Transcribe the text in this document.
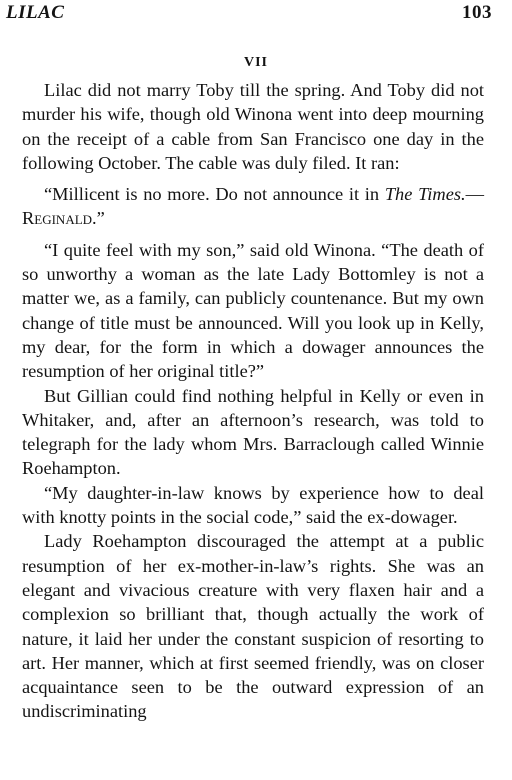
LILAC	103
VII

Lilac did not marry Toby till the spring. And Toby did not murder his wife, though old Winona went into deep mourning on the receipt of a cable from San Francisco one day in the following October. The cable was duly filed. It ran:

“Millicent is no more. Do not announce it in The Times.—Reginald.”

“I quite feel with my son,” said old Winona. “The death of so unworthy a woman as the late Lady Bottomley is not a matter we, as a family, can publicly countenance. But my own change of title must be announced. Will you look up in Kelly, my dear, for the form in which a dowager announces the resumption of her original title?”

But Gillian could find nothing helpful in Kelly or even in Whitaker, and, after an afternoon’s research, was told to telegraph for the lady whom Mrs. Barraclough called Winnie Roehampton.

“My daughter-in-law knows by experience how to deal with knotty points in the social code,” said the ex-dowager.

Lady Roehampton discouraged the attempt at a public resumption of her ex-mother-in-law’s rights. She was an elegant and vivacious creature with very flaxen hair and a complexion so brilliant that, though actually the work of nature, it laid her under the constant suspicion of resorting to art. Her manner, which at first seemed friendly, was on closer acquaintance seen to be the outward expression of an undiscriminating
